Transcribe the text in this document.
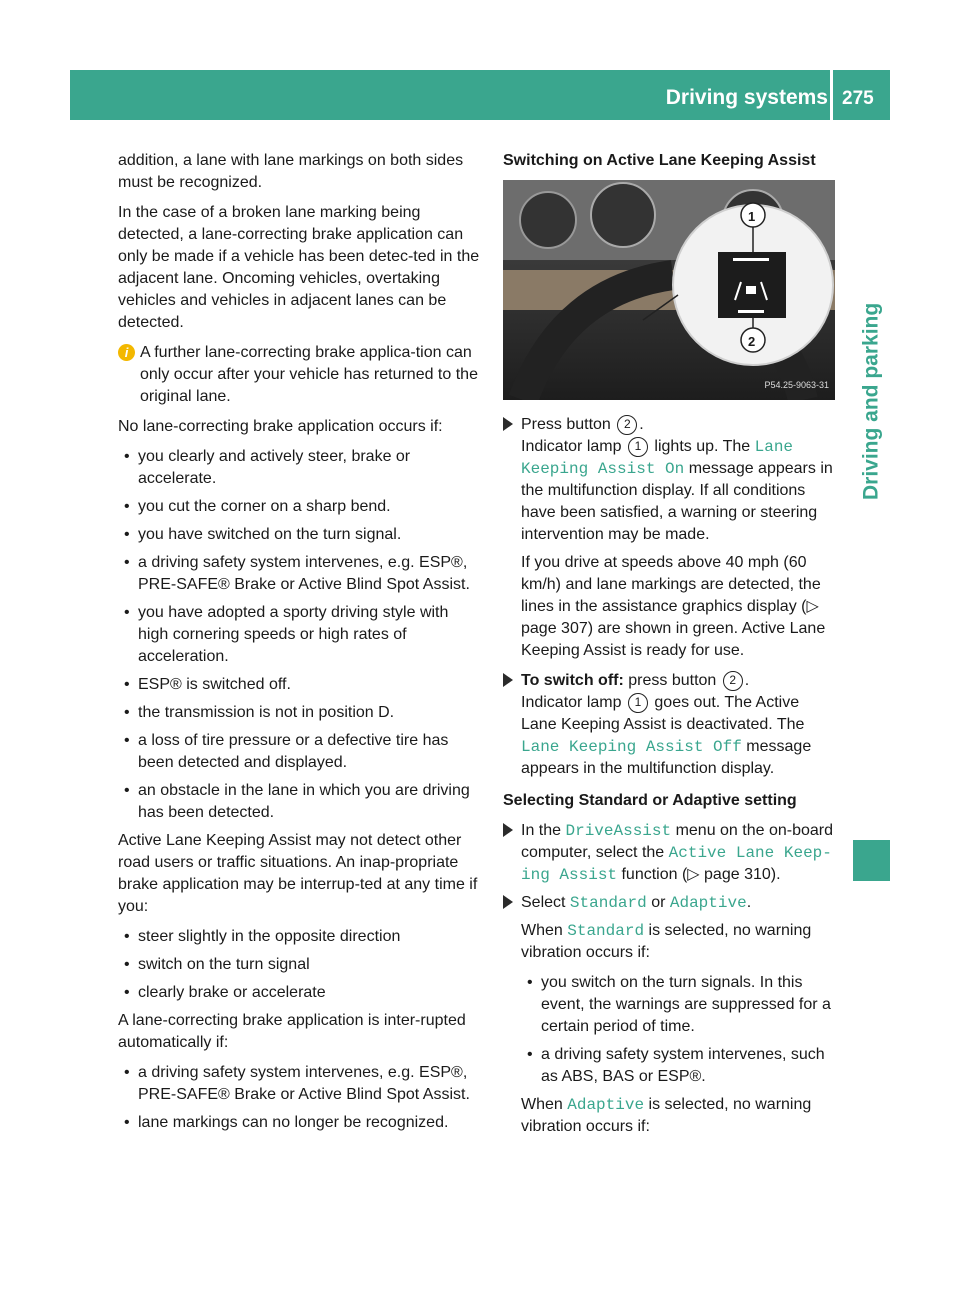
Driving systems 275
Driving and parking

addition, a lane with lane markings on both sides must be recognized.

In the case of a broken lane marking being detected, a lane-correcting brake application can only be made if a vehicle has been detec-ted in the adjacent lane. Oncoming vehicles, overtaking vehicles and vehicles in adjacent lanes can be detected.

i A further lane-correcting brake applica-tion can only occur after your vehicle has returned to the original lane.

No lane-correcting brake application occurs if:

• you clearly and actively steer, brake or accelerate.
• you cut the corner on a sharp bend.
• you have switched on the turn signal.
• a driving safety system intervenes, e.g. ESP®, PRE-SAFE® Brake or Active Blind Spot Assist.
• you have adopted a sporty driving style with high cornering speeds or high rates of acceleration.
• ESP® is switched off.
• the transmission is not in position D.
• a loss of tire pressure or a defective tire has been detected and displayed.
• an obstacle in the lane in which you are driving has been detected.

Active Lane Keeping Assist may not detect other road users or traffic situations. An inap-propriate brake application may be interrup-ted at any time if you:

• steer slightly in the opposite direction
• switch on the turn signal
• clearly brake or accelerate

A lane-correcting brake application is inter-rupted automatically if:

• a driving safety system intervenes, e.g. ESP®, PRE-SAFE® Brake or Active Blind Spot Assist.
• lane markings can no longer be recognized.
Switching on Active Lane Keeping Assist
1
2
P54.25-9063-31
Press button 2 .
Indicator lamp 1 lights up. The Lane Keeping Assist On message appears in the multifunction display. If all conditions have been satisfied, a warning or steering intervention may be made.

If you drive at speeds above 40 mph (60 km/h) and lane markings are detected, the lines in the assistance graphics display (▷ page 307) are shown in green. Active Lane Keeping Assist is ready for use.

To switch off: press button 2 .
Indicator lamp 1 goes out. The Active Lane Keeping Assist is deactivated. The Lane Keeping Assist Off message appears in the multifunction display.
Selecting Standard or Adaptive setting
In the DriveAssist menu on the on-board computer, select the Active Lane Keep‐ing Assist function (▷ page 310).
Select Standard or Adaptive.

When Standard is selected, no warning vibration occurs if:

• you switch on the turn signals. In this event, the warnings are suppressed for a certain period of time.
• a driving safety system intervenes, such as ABS, BAS or ESP®.

When Adaptive is selected, no warning vibration occurs if:
